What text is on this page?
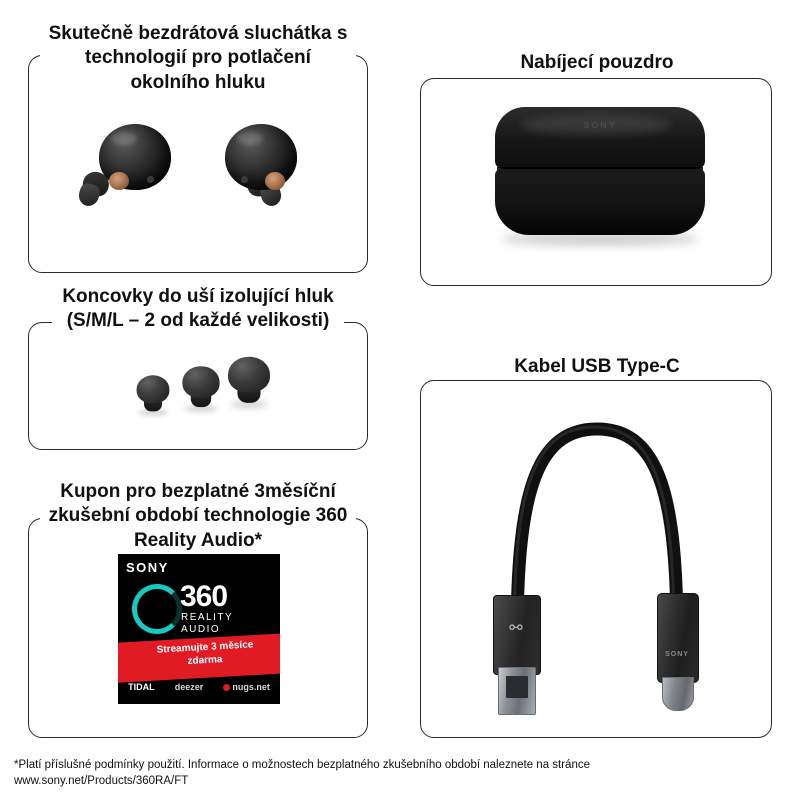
Skutečně bezdrátová sluchátka s technologií pro potlačení okolního hluku
SONY
Nabíjecí pouzdro
Koncovky do uší izolující hluk (S/M/L – 2 od každé velikosti)
⚯
SONY
Kabel USB Type-C
SONY
360
REALITY
AUDIO
Streamujte 3 měsíce
zdarma
TIDAL deezer	nugs.net
Kupon pro bezplatné 3měsíční zkušební období technologie 360 Reality Audio*
*Platí příslušné podmínky použití. Informace o možnostech bezplatného zkušebního období naleznete na stránce
www.sony.net/Products/360RA/FT
